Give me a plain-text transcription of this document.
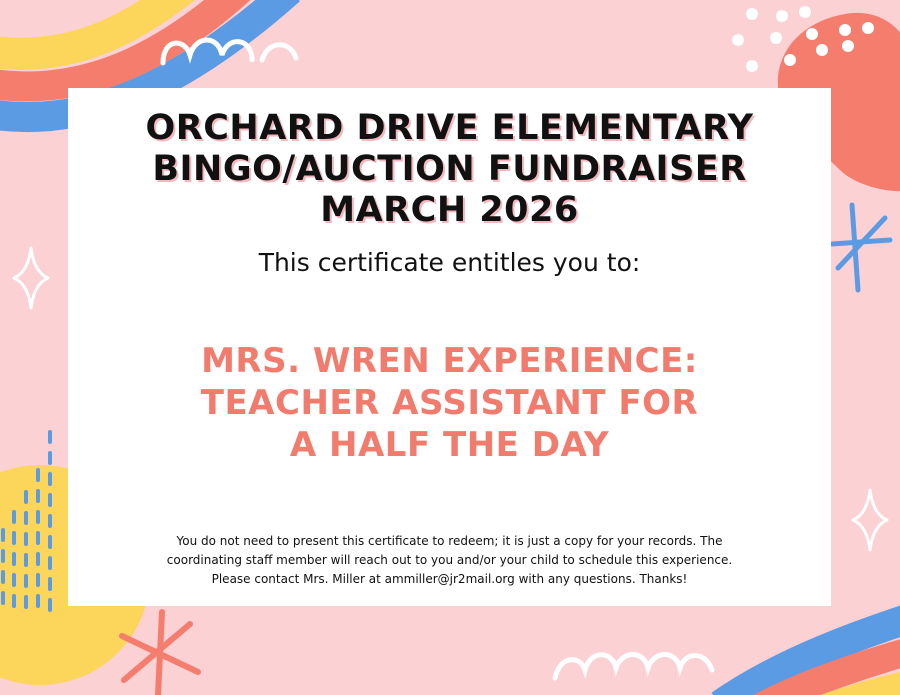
ORCHARD DRIVE ELEMENTARY
BINGO/AUCTION FUNDRAISER
MARCH 2026
This certificate entitles you to:
MRS. WREN EXPERIENCE:
TEACHER ASSISTANT FOR
A HALF THE DAY
You do not need to present this certificate to redeem; it is just a copy for your records. The
coordinating staff member will reach out to you and/or your child to schedule this experience.
Please contact Mrs. Miller at ammiller@jr2mail.org with any questions. Thanks!
